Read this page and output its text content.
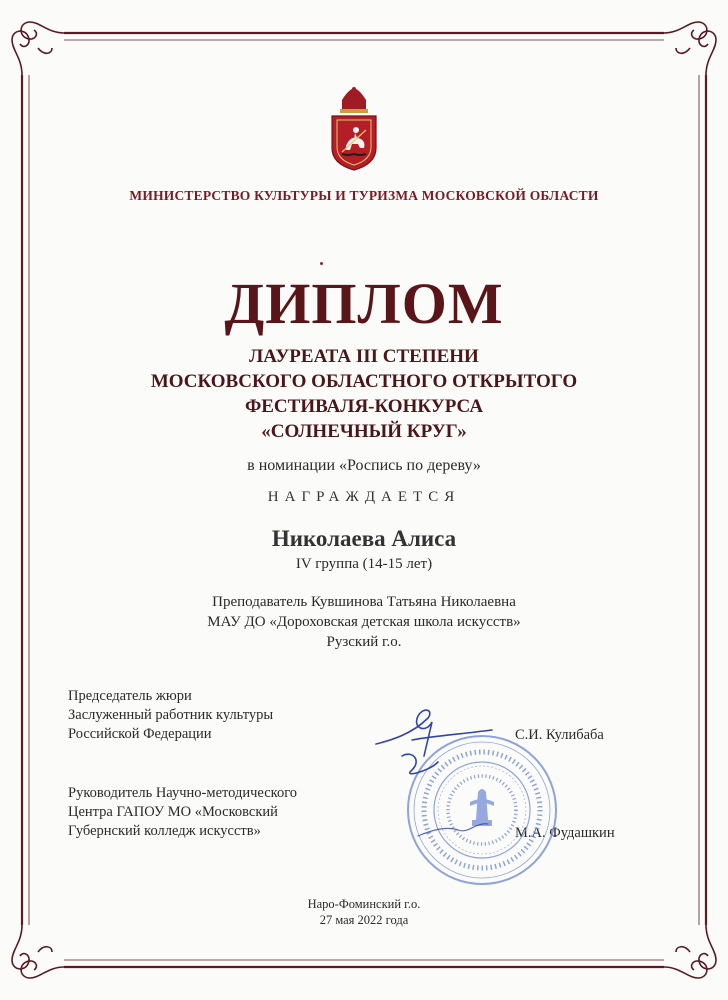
МИНИСТЕРСТВО КУЛЬТУРЫ И ТУРИЗМА МОСКОВСКОЙ ОБЛАСТИ
ДИПЛОМ
ЛАУРЕАТА III СТЕПЕНИ
МОСКОВСКОГО ОБЛАСТНОГО ОТКРЫТОГО
ФЕСТИВАЛЯ-КОНКУРСА
«СОЛНЕЧНЫЙ КРУГ»
в номинации «Роспись по дереву»
НАГРАЖДАЕТСЯ
Николаева Алиса
IV группа (14-15 лет)
Преподаватель Кувшинова Татьяна Николаевна
МАУ ДО «Дороховская детская школа искусств»
Рузский г.о.
Председатель жюри
Заслуженный работник культуры
Российской Федерации	С.И. Кулибаба
Руководитель Научно-методического
Центра ГАПОУ МО «Московский
Губернский колледж искусств»	М.А. Фудашкин
Наро-Фоминский г.о.
27 мая 2022 года
